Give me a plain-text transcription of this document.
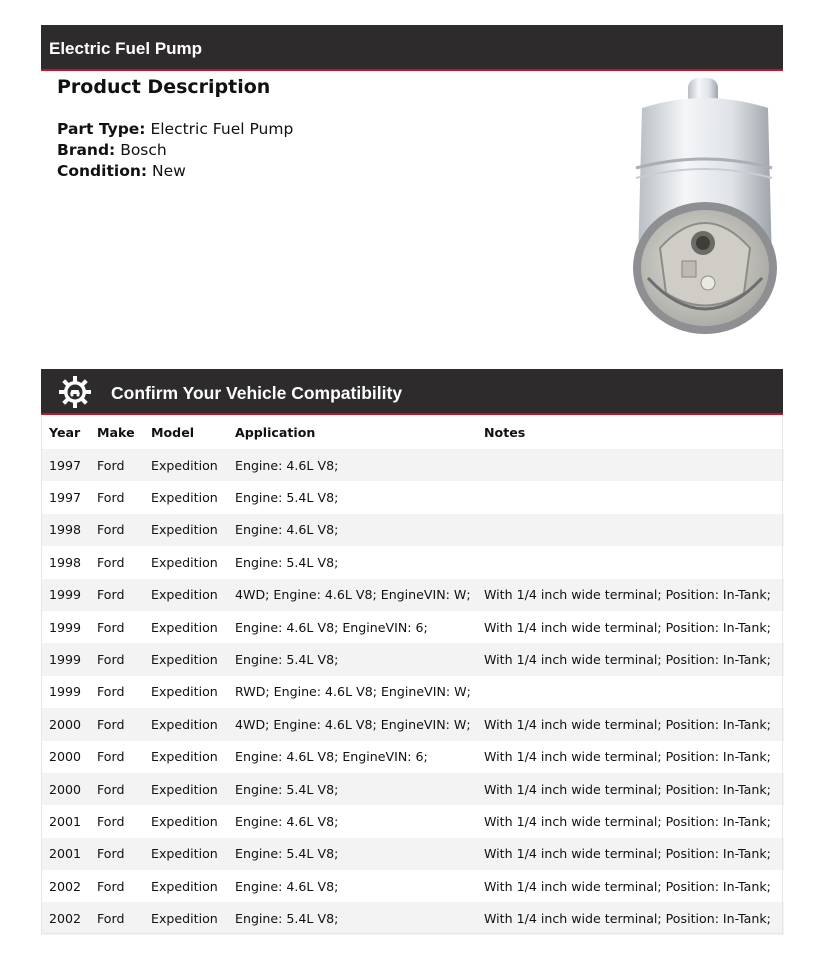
Electric Fuel Pump
Product Description
Part Type: Electric Fuel Pump
Brand: Bosch
Condition: New
Confirm Your Vehicle Compatibility
Year	Make	Model	Application	Notes
1997	Ford	Expedition	Engine: 4.6L V8;	
1997	Ford	Expedition	Engine: 5.4L V8;	
1998	Ford	Expedition	Engine: 4.6L V8;	
1998	Ford	Expedition	Engine: 5.4L V8;	
1999	Ford	Expedition	4WD; Engine: 4.6L V8; EngineVIN: W;	With 1/4 inch wide terminal; Position: In-Tank;
1999	Ford	Expedition	Engine: 4.6L V8; EngineVIN: 6;	With 1/4 inch wide terminal; Position: In-Tank;
1999	Ford	Expedition	Engine: 5.4L V8;	With 1/4 inch wide terminal; Position: In-Tank;
1999	Ford	Expedition	RWD; Engine: 4.6L V8; EngineVIN: W;	
2000	Ford	Expedition	4WD; Engine: 4.6L V8; EngineVIN: W;	With 1/4 inch wide terminal; Position: In-Tank;
2000	Ford	Expedition	Engine: 4.6L V8; EngineVIN: 6;	With 1/4 inch wide terminal; Position: In-Tank;
2000	Ford	Expedition	Engine: 5.4L V8;	With 1/4 inch wide terminal; Position: In-Tank;
2001	Ford	Expedition	Engine: 4.6L V8;	With 1/4 inch wide terminal; Position: In-Tank;
2001	Ford	Expedition	Engine: 5.4L V8;	With 1/4 inch wide terminal; Position: In-Tank;
2002	Ford	Expedition	Engine: 4.6L V8;	With 1/4 inch wide terminal; Position: In-Tank;
2002	Ford	Expedition	Engine: 5.4L V8;	With 1/4 inch wide terminal; Position: In-Tank;
